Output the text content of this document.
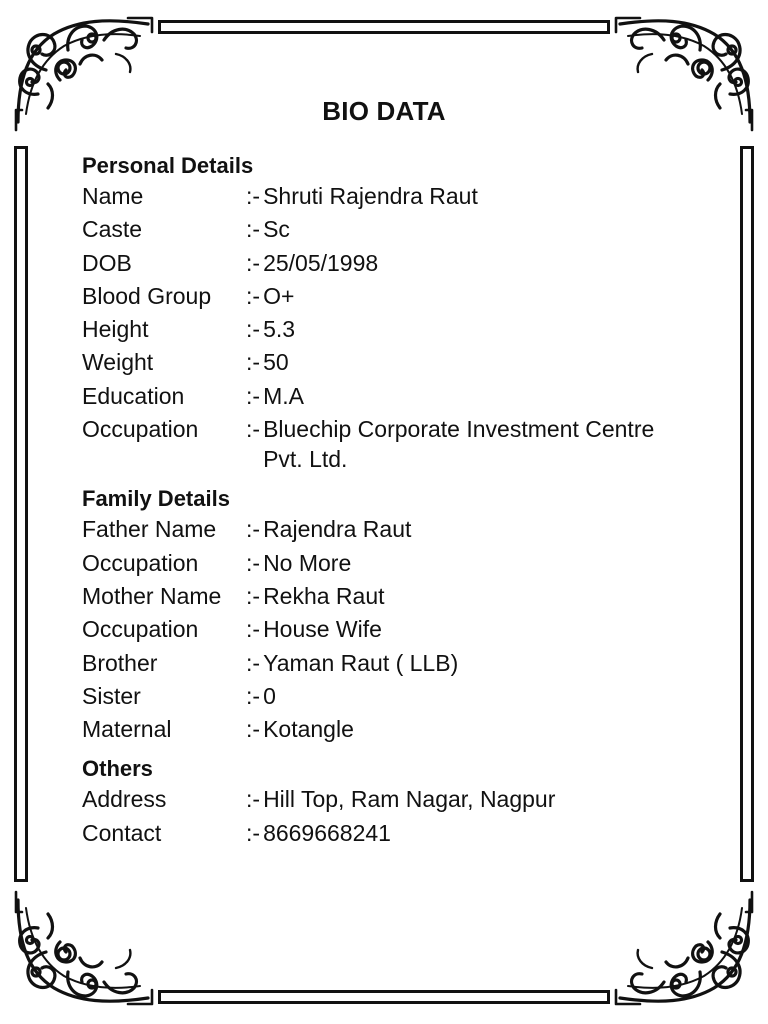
BIO DATA
Personal Details
Name	:- Shruti Rajendra Raut
Caste	:- Sc
DOB	:- 25/05/1998
Blood Group	:- O+
Height	:- 5.3
Weight	:- 50
Education	:- M.A
Occupation	:- Bluechip Corporate Investment Centre
Pvt. Ltd.
Family Details
Father Name	:- Rajendra Raut
Occupation	:- No More
Mother Name	:- Rekha Raut
Occupation	:- House Wife
Brother	:- Yaman Raut ( LLB)
Sister	:- 0
Maternal	:- Kotangle
Others
Address	:- Hill Top, Ram Nagar, Nagpur
Contact	:- 8669668241
